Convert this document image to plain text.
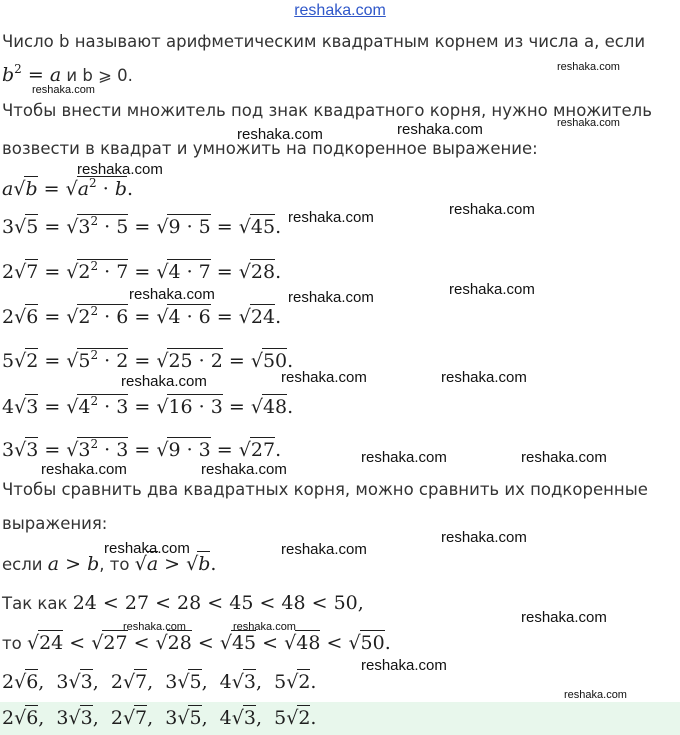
reshaka.com
Число b называют арифметическим квадратным корнем из числа a, если
$b^2 = a$ и b ⩾ 0.
Чтобы внести множитель под знак квадратного корня, нужно множитель
возвести в квадрат и умножить на подкоренное выражение:
$a√b = √a^2 \cdot b$.
$3√5 = √3^2 \cdot 5 = √9 \cdot 5 = √45$.
$2√7 = √2^2 \cdot 7 = √4 \cdot 7 = √28$.
$2√6 = √2^2 \cdot 6 = √4 \cdot 6 = √24$.
$5√2 = √5^2 \cdot 2 = √25 \cdot 2 = √50$.
$4√3 = √4^2 \cdot 3 = √16 \cdot 3 = √48$.
$3√3 = √3^2 \cdot 3 = √9 \cdot 3 = √27$.
Чтобы сравнить два квадратных корня, можно сравнить их подкоренные
выражения:
если a > b, то √a > √b.
Так как 24 < 27 < 28 < 45 < 48 < 50,
то √24 < √27 < √28 < √45 < √48 < √50.
2√6,  3√3,  2√7,  3√5,  4√3,  5√2.
2√6,  3√3,  2√7,  3√5,  4√3,  5√2.
reshaka.com
reshaka.com
reshaka.com
reshaka.com	reshaka.com
reshaka.com
reshaka.com	reshaka.com
reshaka.com	reshaka.com	reshaka.com
reshaka.com	reshaka.com	reshaka.com
reshaka.com	reshaka.com
reshaka.com	reshaka.com
reshaka.com
reshaka.com	reshaka.com
reshaka.com
reshaka.com	reshaka.com
reshaka.com
reshaka.com
